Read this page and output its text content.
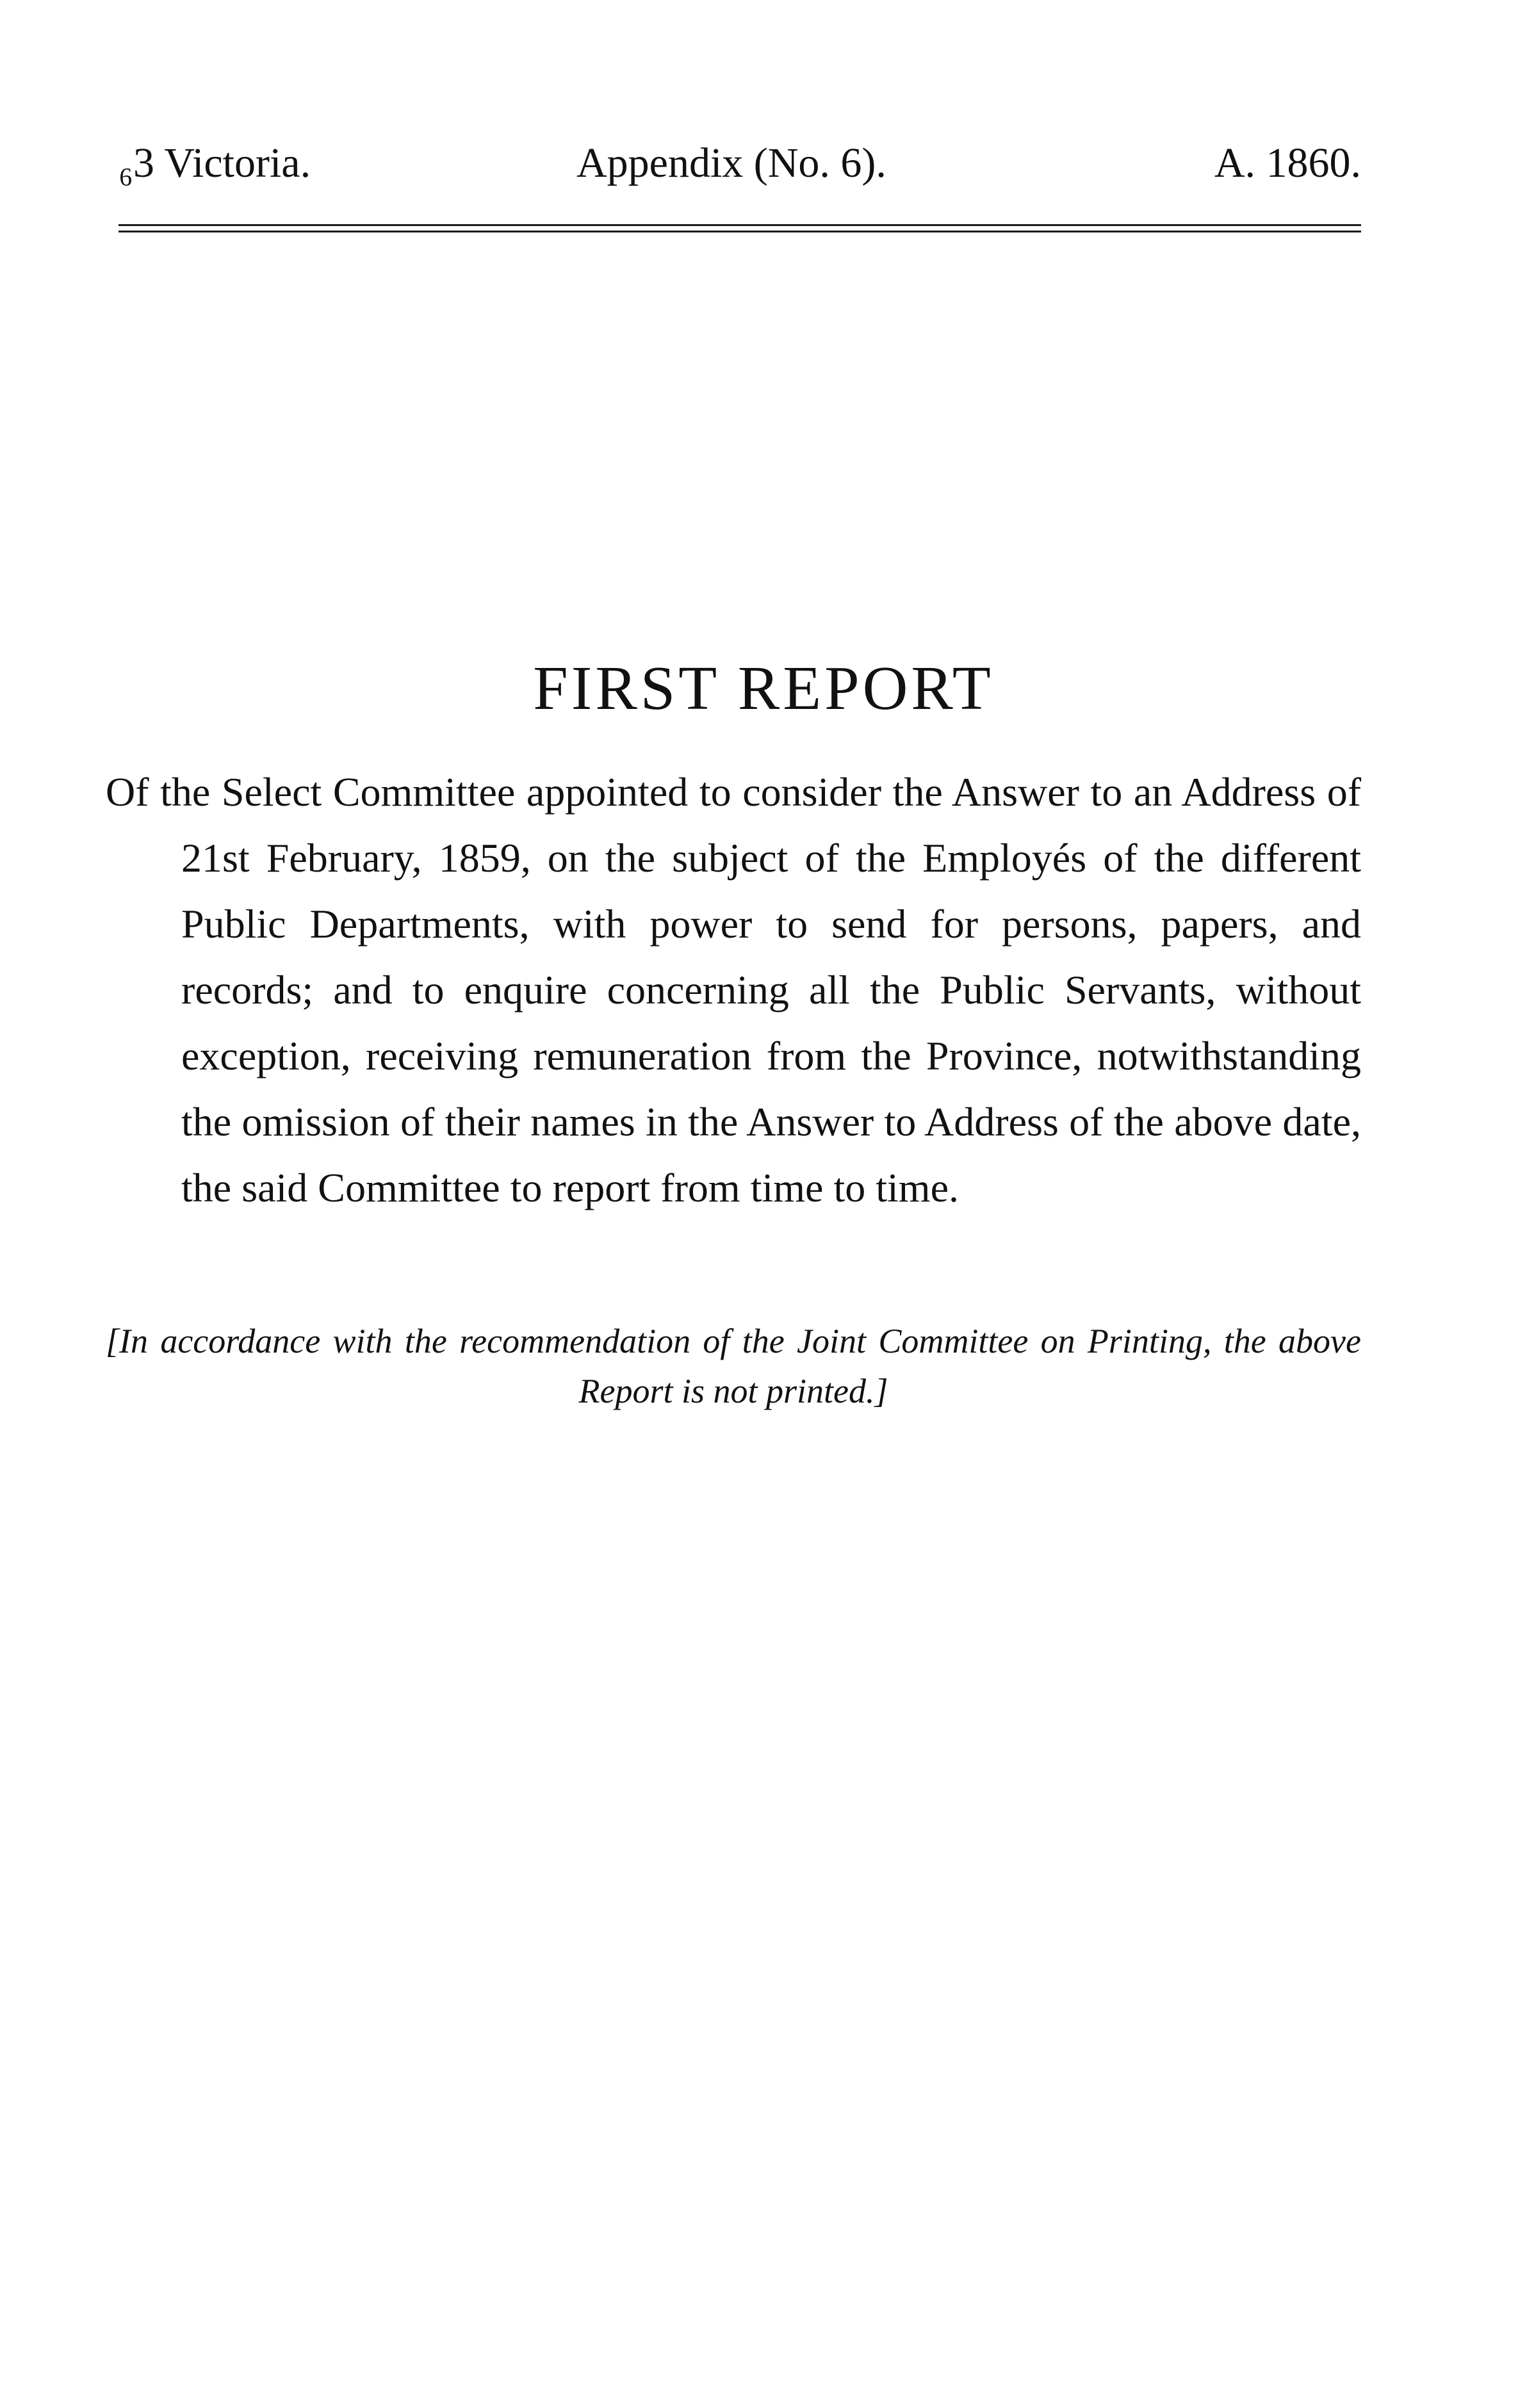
₆3 Victoria.	Appendix (No. 6).	A. 1860.
FIRST REPORT
Of the Select Committee appointed to consider the Answer to an Address of 21st February, 1859, on the subject of the Employés of the different Public Departments, with power to send for persons, papers, and records; and to enquire concerning all the Public Servants, without exception, receiving remuneration from the Province, notwithstanding the omission of their names in the Answer to Address of the above date, the said Committee to report from time to time.
[In accordance with the recommendation of the Joint Committee on Printing, the above Report is not printed.]
